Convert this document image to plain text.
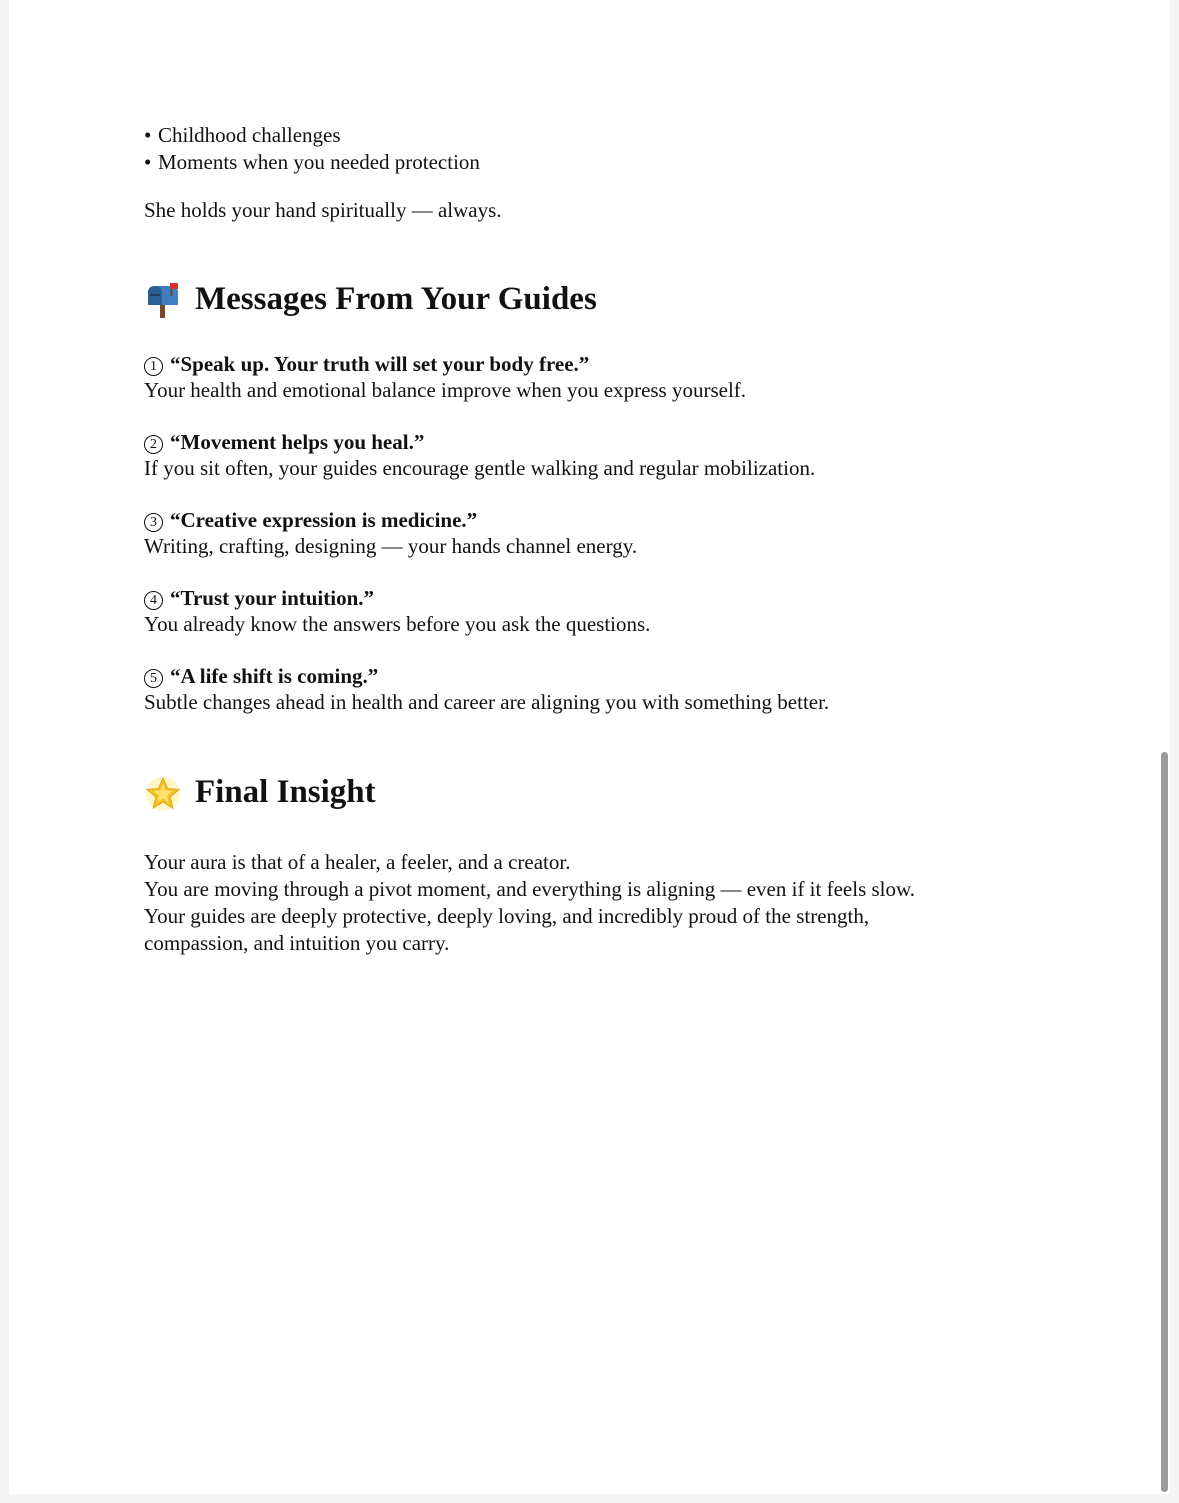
• Childhood challenges

• Moments when you needed protection

She holds your hand spiritually — always.

Messages From Your Guides

1 “Speak up. Your truth will set your body free.”

Your health and emotional balance improve when you express yourself.

2 “Movement helps you heal.”

If you sit often, your guides encourage gentle walking and regular mobilization.

3 “Creative expression is medicine.”

Writing, crafting, designing — your hands channel energy.

4 “Trust your intuition.”

You already know the answers before you ask the questions.

5 “A life shift is coming.”

Subtle changes ahead in health and career are aligning you with something better.

Final Insight

Your aura is that of a healer, a feeler, and a creator.

You are moving through a pivot moment, and everything is aligning — even if it feels slow.

Your guides are deeply protective, deeply loving, and incredibly proud of the strength,

compassion, and intuition you carry.
